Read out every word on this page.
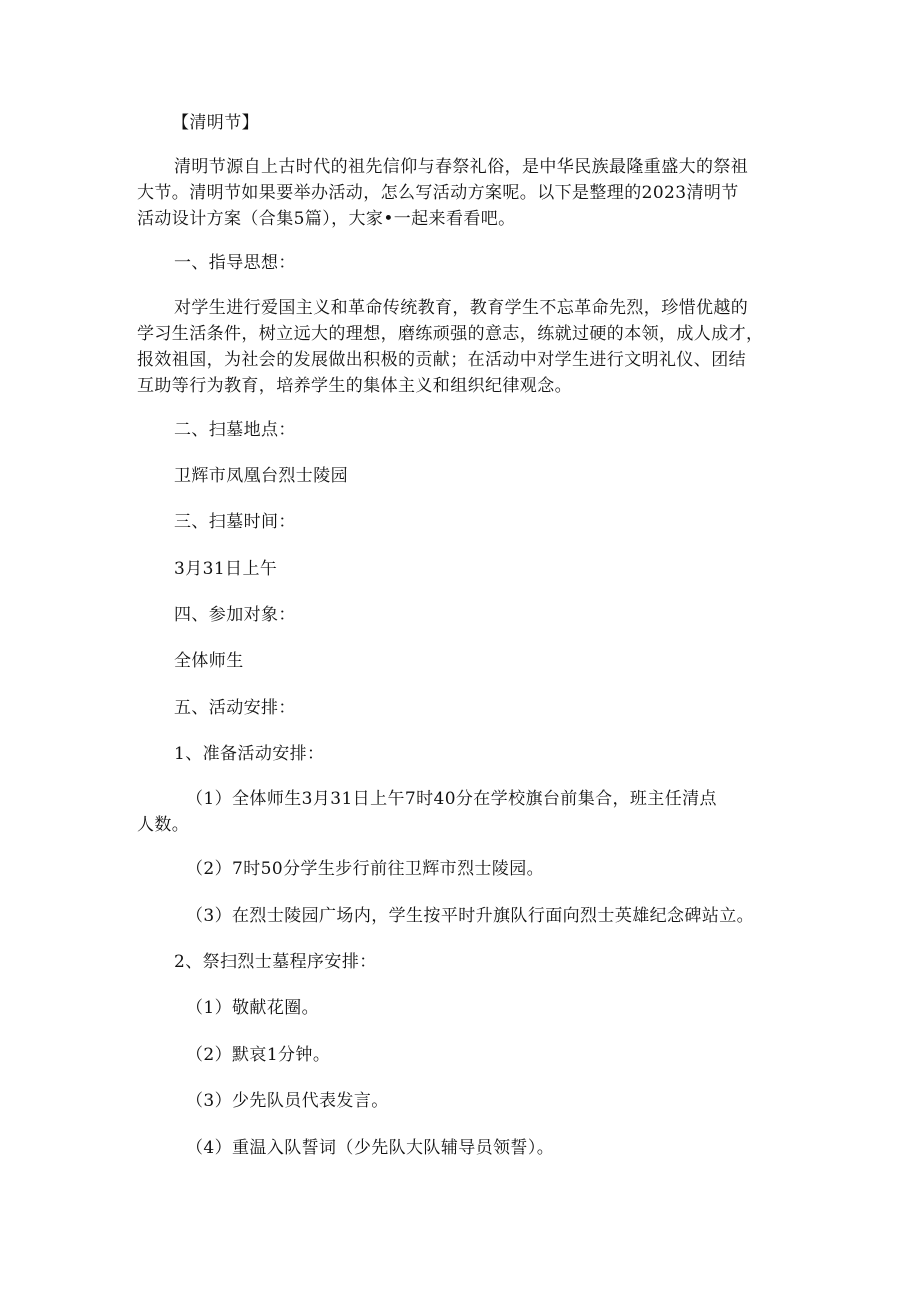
【清明节】
清明节源自上古时代的祖先信仰与春祭礼俗，是中华民族最隆重盛大的祭祖
大节。清明节如果要举办活动，怎么写活动方案呢。以下是整理的2023清明节
活动设计方案（合集5篇），大家•一起来看看吧。
一、指导思想：
对学生进行爱国主义和革命传统教育，教育学生不忘革命先烈，珍惜优越的
学习生活条件，树立远大的理想，磨练顽强的意志，练就过硬的本领，成人成才，
报效祖国，为社会的发展做出积极的贡献；在活动中对学生进行文明礼仪、团结
互助等行为教育，培养学生的集体主义和组织纪律观念。
二、扫墓地点：
卫辉市凤凰台烈士陵园
三、扫墓时间：
3月31日上午
四、参加对象：
全体师生
五、活动安排：
1、准备活动安排：
（1）全体师生3月31日上午7时40分在学校旗台前集合，班主任清点
人数。
（2）7时50分学生步行前往卫辉市烈士陵园。
（3）在烈士陵园广场内，学生按平时升旗队行面向烈士英雄纪念碑站立。
2、祭扫烈士墓程序安排：
（1）敬献花圈。
（2）默哀1分钟。
（3）少先队员代表发言。
（4）重温入队誓词（少先队大队辅导员领誓）。
